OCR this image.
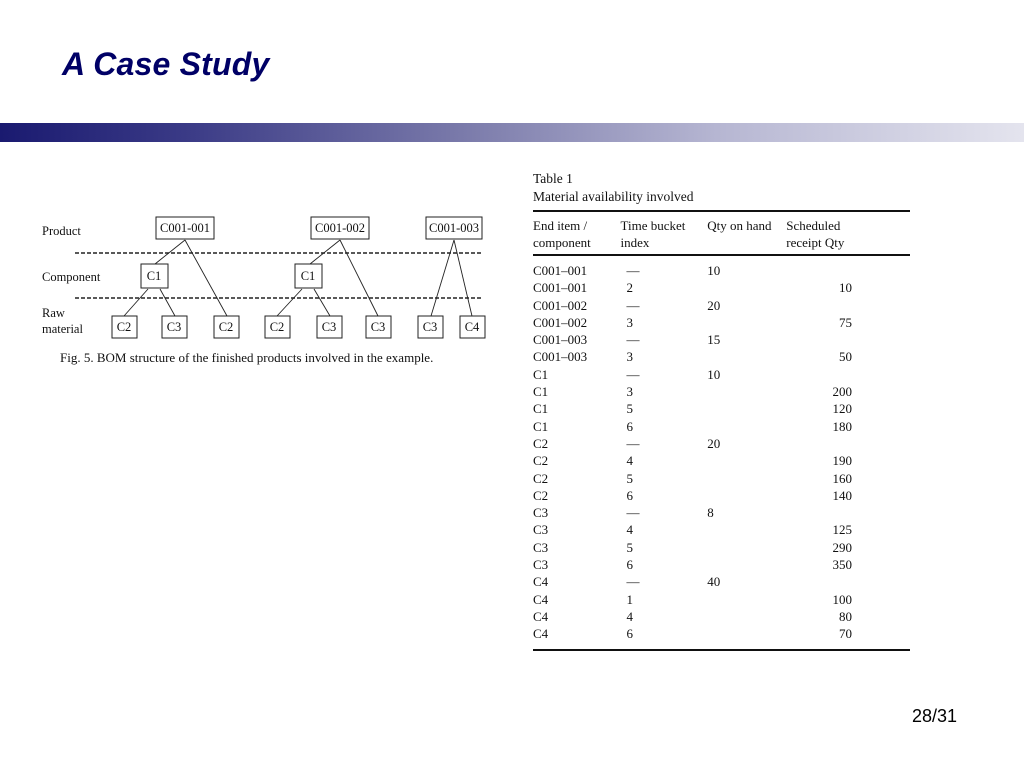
A Case Study
Product
Component
Raw
material
C001-001	C001-002	C001-003
C1	C1
C2	C3	C2	C2	C3	C3	C3 C4
Fig. 5. BOM structure of the finished products involved in the example.
Table 1
Material availability involved
End item /
component	Time bucket
index	Qty on hand	Scheduled
receipt Qty
C001–001	—	10	
C001–001	2		10
C001–002	—	20	
C001–002	3		75
C001–003	—	15	
C001–003	3		50
C1	—	10	
C1	3		200
C1	5		120
C1	6		180
C2	—	20	
C2	4		190
C2	5		160
C2	6		140
C3	—	8	
C3	4		125
C3	5		290
C3	6		350
C4	—	40	
C4	1		100
C4	4		80
C4	6		70
28/31
